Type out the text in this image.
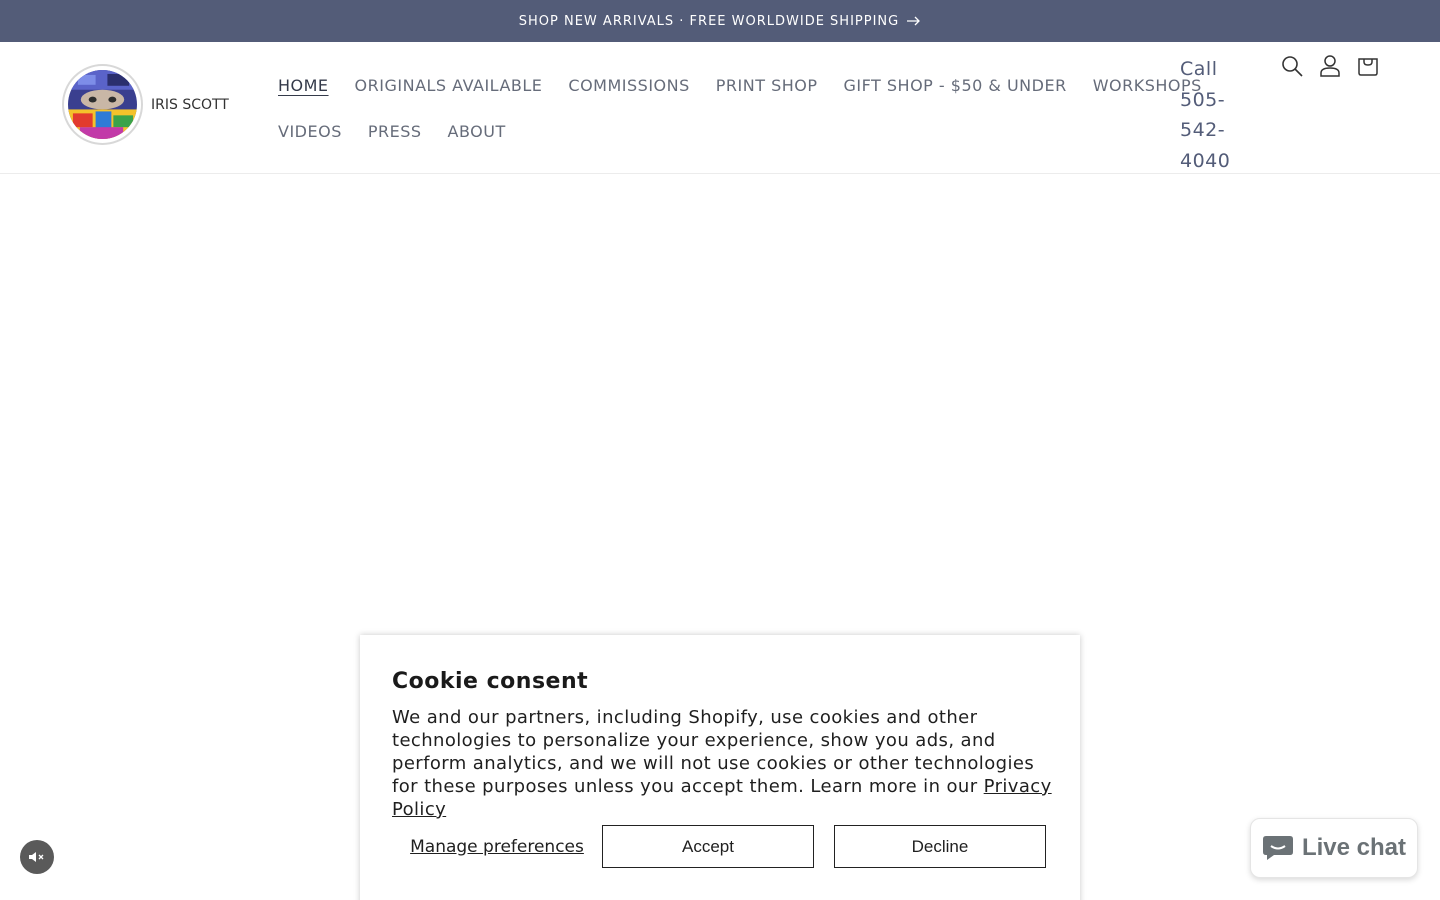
SHOP NEW ARRIVALS · FREE WORLDWIDE SHIPPING
IRIS SCOTT
HOME ORIGINALS AVAILABLE COMMISSIONS PRINT SHOP GIFT SHOP - $50 & UNDER WORKSHOPS
VIDEOS PRESS ABOUT
Call
505-
542-
4040
Cookie consent

We and our partners, including Shopify, use cookies and other technologies to personalize your experience, show you ads, and perform analytics, and we will not use cookies or other technologies for these purposes unless you accept them. Learn more in our Privacy Policy

Manage preferences	Accept	Decline	Live chat
